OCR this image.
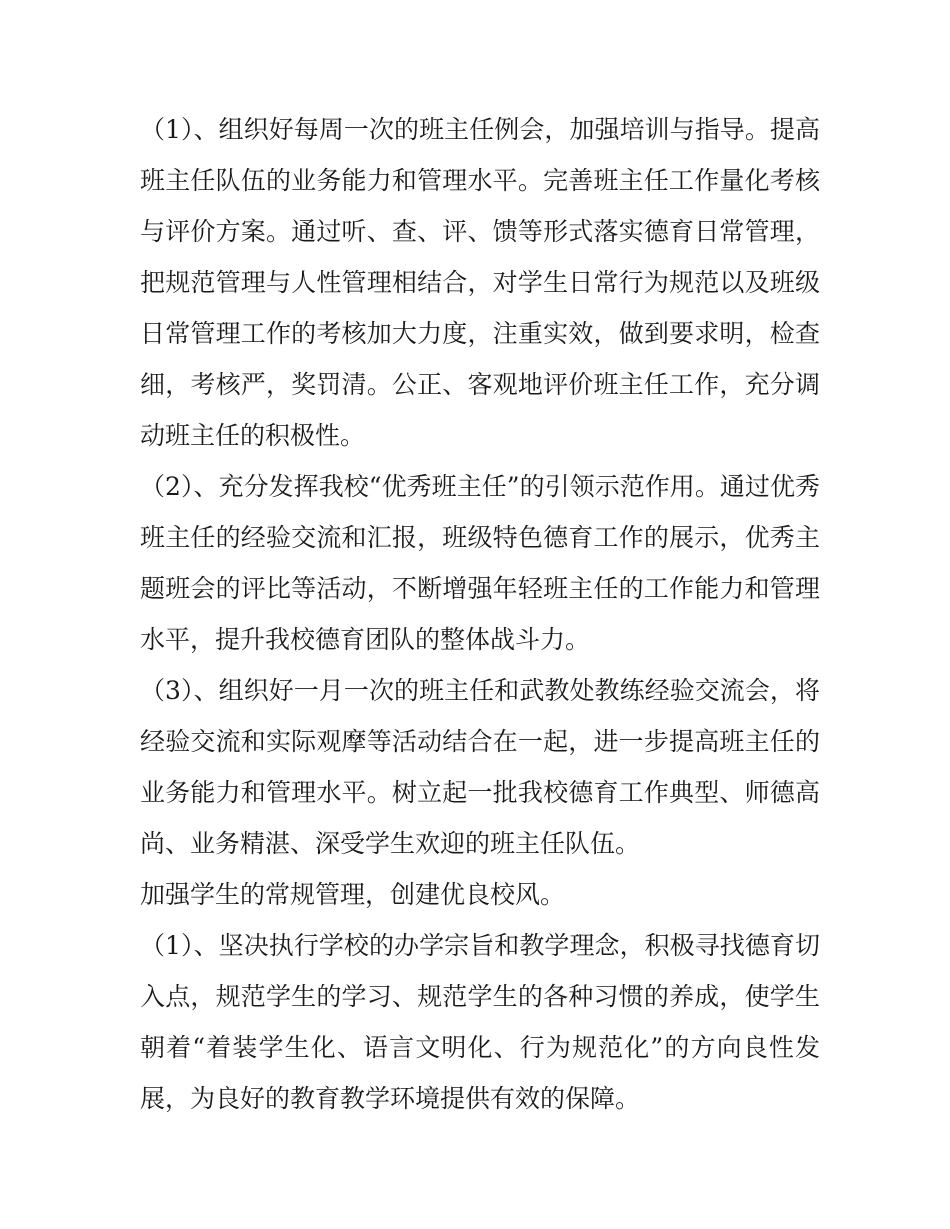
（1）、组织好每周一次的班主任例会，加强培训与指导。提高班主任队伍的业务能力和管理水平。完善班主任工作量化考核与评价方案。通过听、查、评、馈等形式落实德育日常管理，把规范管理与人性管理相结合，对学生日常行为规范以及班级日常管理工作的考核加大力度，注重实效，做到要求明，检查细，考核严，奖罚清。公正、客观地评价班主任工作，充分调动班主任的积极性。

（2）、充分发挥我校“优秀班主任”的引领示范作用。通过优秀班主任的经验交流和汇报，班级特色德育工作的展示，优秀主题班会的评比等活动，不断增强年轻班主任的工作能力和管理水平，提升我校德育团队的整体战斗力。

（3）、组织好一月一次的班主任和武教处教练经验交流会，将经验交流和实际观摩等活动结合在一起，进一步提高班主任的业务能力和管理水平。树立起一批我校德育工作典型、师德高尚、业务精湛、深受学生欢迎的班主任队伍。

加强学生的常规管理，创建优良校风。

（1）、坚决执行学校的办学宗旨和教学理念，积极寻找德育切入点，规范学生的学习、规范学生的各种习惯的养成，使学生朝着“着装学生化、语言文明化、行为规范化”的方向良性发展，为良好的教育教学环境提供有效的保障。
